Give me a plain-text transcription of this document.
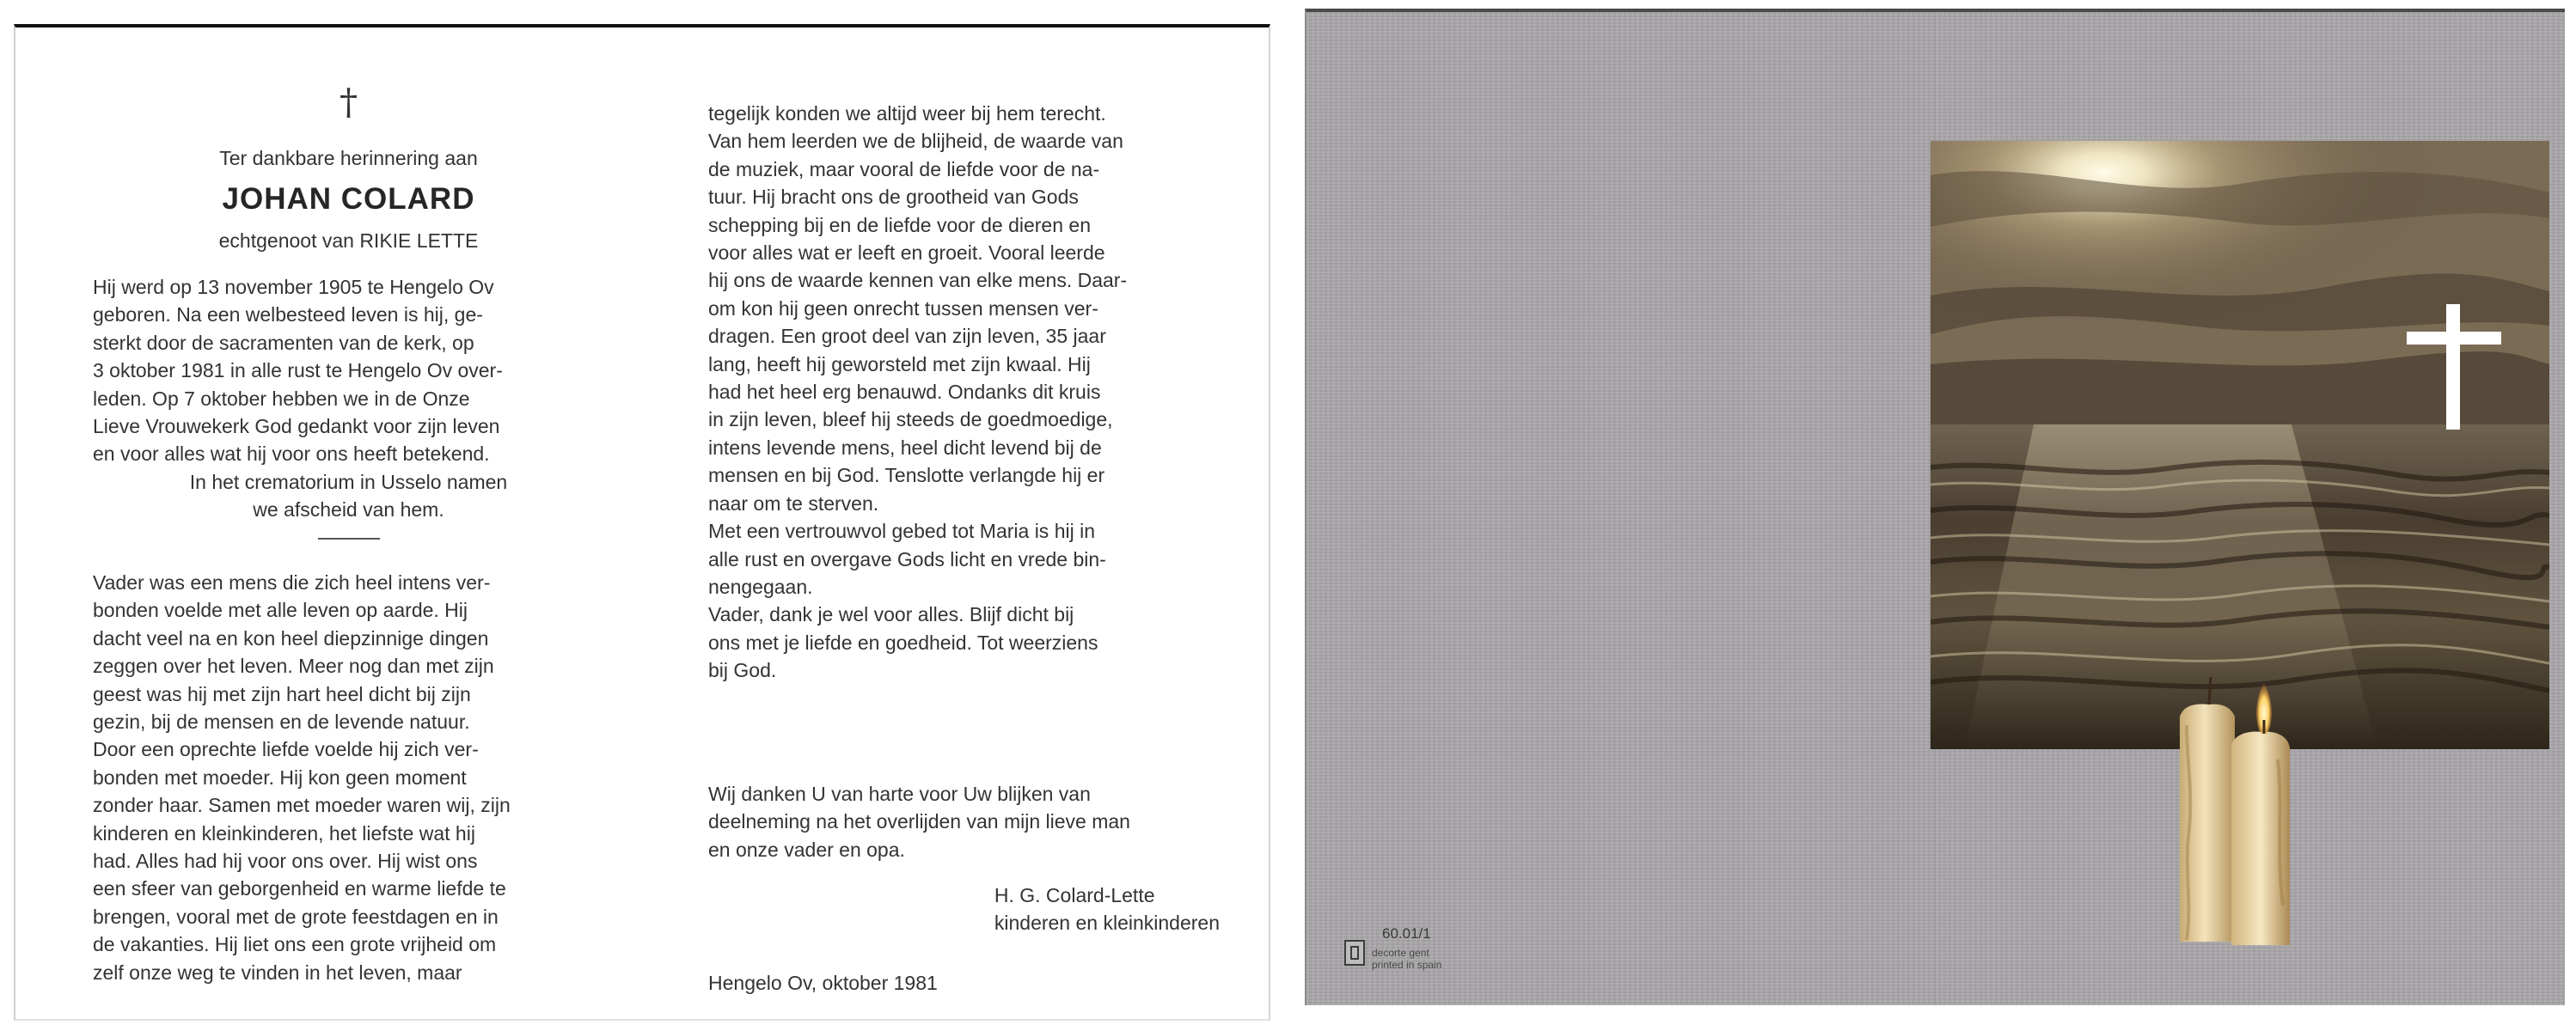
†
Ter dankbare herinnering aan
JOHAN COLARD
echtgenoot van RIKIE LETTE

Hij werd op 13 november 1905 te Hengelo Ov

geboren. Na een welbesteed leven is hij, ge-

sterkt door de sacramenten van de kerk, op

3 oktober 1981 in alle rust te Hengelo Ov over-

leden. Op 7 oktober hebben we in de Onze

Lieve Vrouwekerk God gedankt voor zijn leven

en voor alles wat hij voor ons heeft betekend.

In het crematorium in Usselo namen

we afscheid van hem.

Vader was een mens die zich heel intens ver-

bonden voelde met alle leven op aarde. Hij

dacht veel na en kon heel diepzinnige dingen

zeggen over het leven. Meer nog dan met zijn

geest was hij met zijn hart heel dicht bij zijn

gezin, bij de mensen en de levende natuur.

Door een oprechte liefde voelde hij zich ver-

bonden met moeder. Hij kon geen moment

zonder haar. Samen met moeder waren wij, zijn

kinderen en kleinkinderen, het liefste wat hij

had. Alles had hij voor ons over. Hij wist ons

een sfeer van geborgenheid en warme liefde te

brengen, vooral met de grote feestdagen en in

de vakanties. Hij liet ons een grote vrijheid om

zelf onze weg te vinden in het leven, maar

tegelijk konden we altijd weer bij hem terecht.

Van hem leerden we de blijheid, de waarde van

de muziek, maar vooral de liefde voor de na-

tuur. Hij bracht ons de grootheid van Gods

schepping bij en de liefde voor de dieren en

voor alles wat er leeft en groeit. Vooral leerde

hij ons de waarde kennen van elke mens. Daar-

om kon hij geen onrecht tussen mensen ver-

dragen. Een groot deel van zijn leven, 35 jaar

lang, heeft hij geworsteld met zijn kwaal. Hij

had het heel erg benauwd. Ondanks dit kruis

in zijn leven, bleef hij steeds de goedmoedige,

intens levende mens, heel dicht levend bij de

mensen en bij God. Tenslotte verlangde hij er

naar om te sterven.

Met een vertrouwvol gebed tot Maria is hij in

alle rust en overgave Gods licht en vrede bin-

nengegaan.

Vader, dank je wel voor alles. Blijf dicht bij

ons met je liefde en goedheid. Tot weerziens

bij God.

Wij danken U van harte voor Uw blijken van

deelneming na het overlijden van mijn lieve man

en onze vader en opa.

H. G. Colard-Lette
kinderen en kleinkinderen
Hengelo Ov, oktober 1981
60.01/1
decorte gent
printed in spain
